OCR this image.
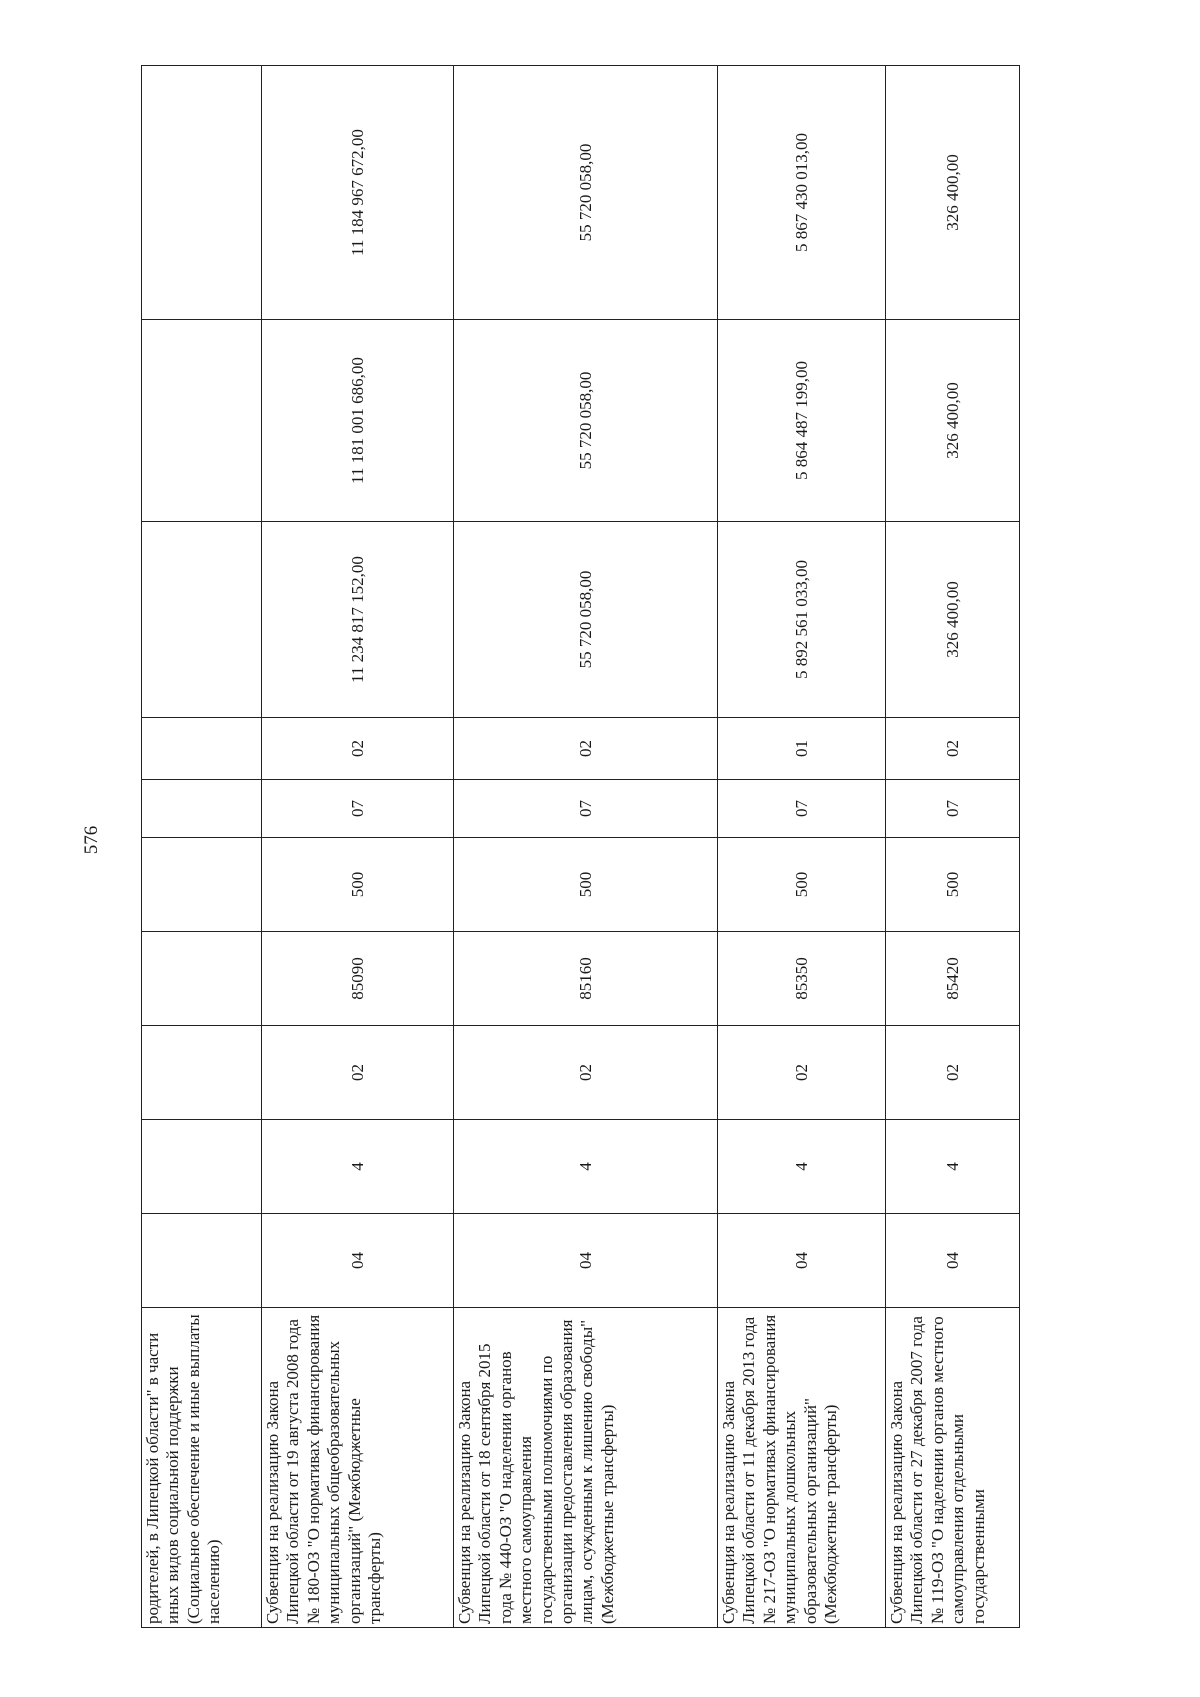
576
родителей, в Липецкой области" в части иных видов социальной поддержки (Социальное обеспечение и иные выплаты населению)										
Субвенция на реализацию Закона Липецкой области от 19 августа 2008 года № 180-ОЗ "О нормативах финансирования муниципальных общеобразовательных организаций" (Межбюджетные трансферты)	04	4	02	85090	500	07	02	11 234 817 152,00	11 181 001 686,00	11 184 967 672,00
Субвенция на реализацию Закона Липецкой области от 18 сентября 2015 года № 440-ОЗ "О наделении органов местного самоуправления государственными полномочиями по организации предоставления образования лицам, осужденным к лишению свободы" (Межбюджетные трансферты)	04	4	02	85160	500	07	02	55 720 058,00	55 720 058,00	55 720 058,00
Субвенция на реализацию Закона Липецкой области от 11 декабря 2013 года № 217-ОЗ "О нормативах финансирования муниципальных дошкольных образовательных организаций" (Межбюджетные трансферты)	04	4	02	85350	500	07	01	5 892 561 033,00	5 864 487 199,00	5 867 430 013,00
Субвенция на реализацию Закона Липецкой области от 27 декабря 2007 года № 119-ОЗ "О наделении органов местного самоуправления отдельными государственными	04	4	02	85420	500	07	02	326 400,00	326 400,00	326 400,00
